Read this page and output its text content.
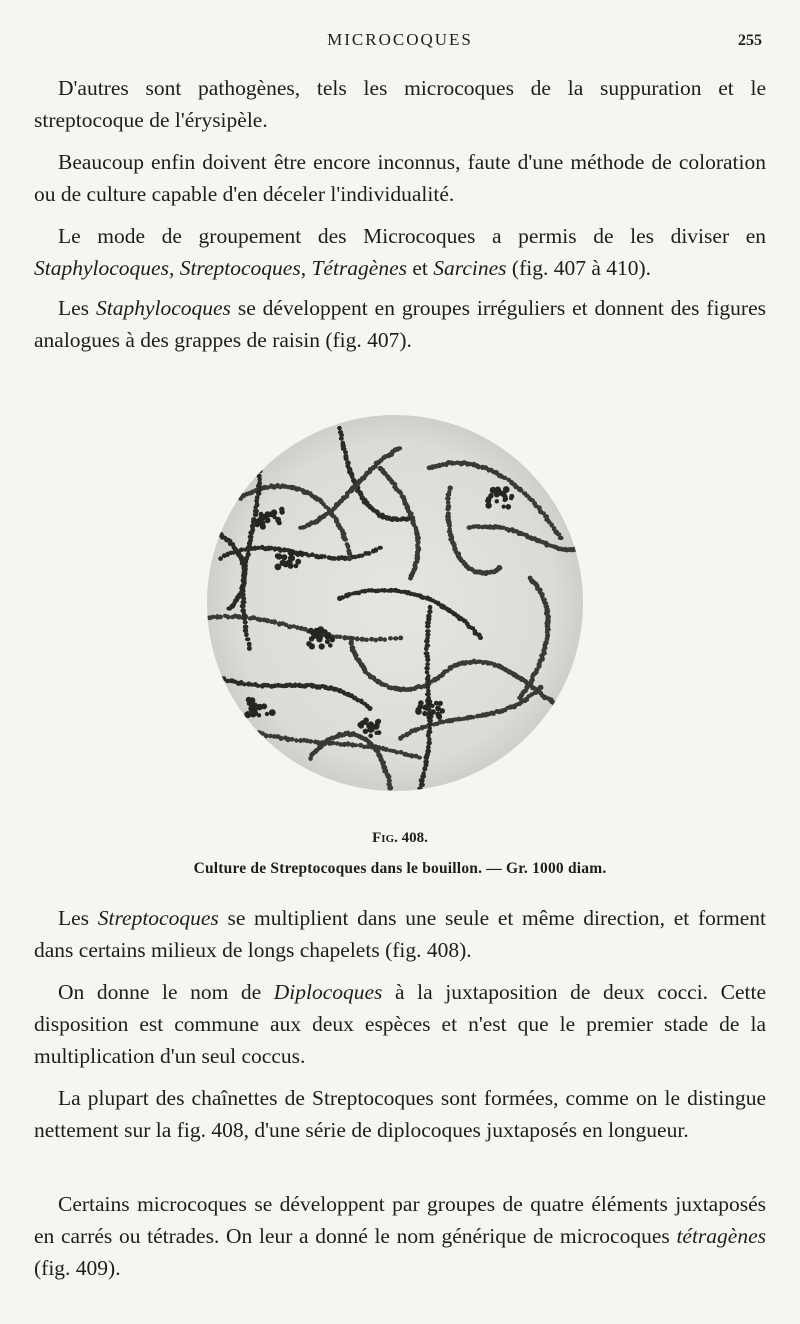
MICROCOQUES	255

D'autres sont pathogènes, tels les microcoques de la suppuration et le streptocoque de l'érysipèle.

Beaucoup enfin doivent être encore inconnus, faute d'une méthode de coloration ou de culture capable d'en déceler l'individualité.

Le mode de groupement des Microcoques a permis de les diviser en Staphylocoques, Streptocoques, Tétragènes et Sarcines (fig. 407 à 410).

Les Staphylocoques se développent en groupes irréguliers et donnent des figures analogues à des grappes de raisin (fig. 407).

Fig. 408.
Culture de Streptocoques dans le bouillon. — Gr. 1000 diam.

Les Streptocoques se multiplient dans une seule et même direction, et forment dans certains milieux de longs chapelets (fig. 408).

On donne le nom de Diplocoques à la juxtaposition de deux cocci. Cette disposition est commune aux deux espèces et n'est que le premier stade de la multiplication d'un seul coccus.

La plupart des chaînettes de Streptocoques sont formées, comme on le distingue nettement sur la fig. 408, d'une série de diplocoques juxtaposés en longueur.

Certains microcoques se développent par groupes de quatre éléments juxtaposés en carrés ou tétrades. On leur a donné le nom générique de microcoques tétragènes (fig. 409).
